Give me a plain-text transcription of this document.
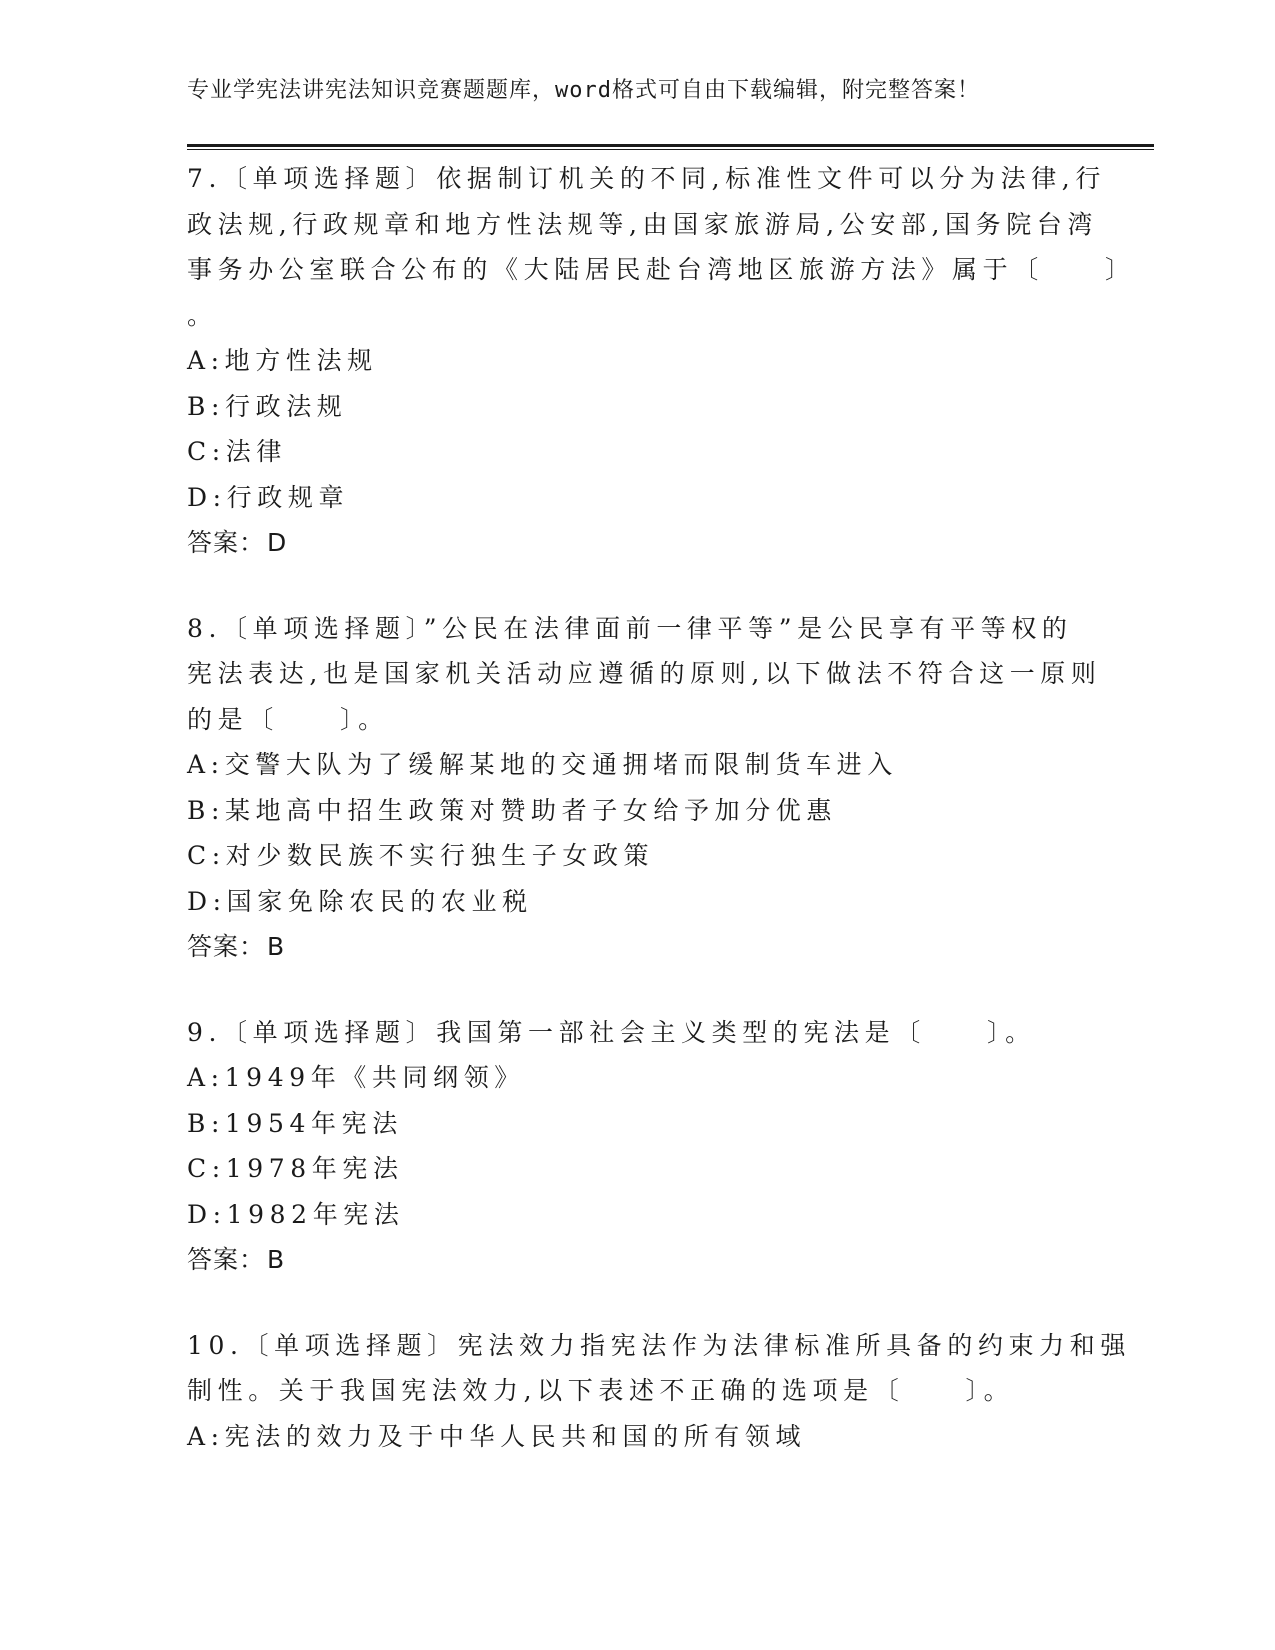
专业学宪法讲宪法知识竞赛题题库，word格式可自由下载编辑，附完整答案！
7.〔单项选择题〕依据制订机关的不同,标准性文件可以分为法律,行
政法规,行政规章和地方性法规等,由国家旅游局,公安部,国务院台湾
事务办公室联合公布的《大陆居民赴台湾地区旅游方法》属于〔　　〕
。
A:地方性法规
B:行政法规
C:法律
D:行政规章
答案：D
8.〔单项选择题〕”公民在法律面前一律平等”是公民享有平等权的
宪法表达,也是国家机关活动应遵循的原则,以下做法不符合这一原则
的是〔　　〕。
A:交警大队为了缓解某地的交通拥堵而限制货车进入
B:某地高中招生政策对赞助者子女给予加分优惠
C:对少数民族不实行独生子女政策
D:国家免除农民的农业税
答案：B
9.〔单项选择题〕我国第一部社会主义类型的宪法是〔　　〕。
A:1949年《共同纲领》
B:1954年宪法
C:1978年宪法
D:1982年宪法
答案：B
10.〔单项选择题〕宪法效力指宪法作为法律标准所具备的约束力和强
制性。关于我国宪法效力,以下表述不正确的选项是〔　　〕。
A:宪法的效力及于中华人民共和国的所有领域
